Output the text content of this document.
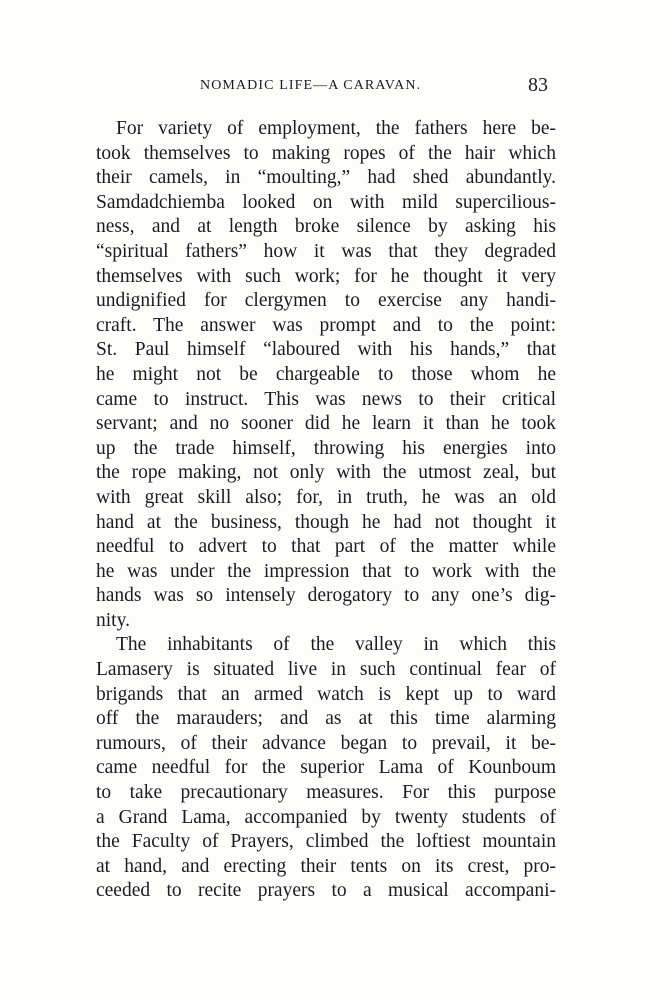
NOMADIC LIFE—A CARAVAN.	83
For variety of employment, the fathers here be-
took themselves to making ropes of the hair which
their camels, in “moulting,” had shed abundantly.
Samdadchiemba looked on with mild supercilious-
ness, and at length broke silence by asking his
“spiritual fathers” how it was that they degraded
themselves with such work; for he thought it very
undignified for clergymen to exercise any handi-
craft. The answer was prompt and to the point:
St. Paul himself “laboured with his hands,” that
he might not be chargeable to those whom he
came to instruct. This was news to their critical
servant; and no sooner did he learn it than he took
up the trade himself, throwing his energies into
the rope making, not only with the utmost zeal, but
with great skill also; for, in truth, he was an old
hand at the business, though he had not thought it
needful to advert to that part of the matter while
he was under the impression that to work with the
hands was so intensely derogatory to any one’s dig-
nity.
The inhabitants of the valley in which this
Lamasery is situated live in such continual fear of
brigands that an armed watch is kept up to ward
off the marauders; and as at this time alarming
rumours, of their advance began to prevail, it be-
came needful for the superior Lama of Kounboum
to take precautionary measures. For this purpose
a Grand Lama, accompanied by twenty students of
the Faculty of Prayers, climbed the loftiest mountain
at hand, and erecting their tents on its crest, pro-
ceeded to recite prayers to a musical accompani-
